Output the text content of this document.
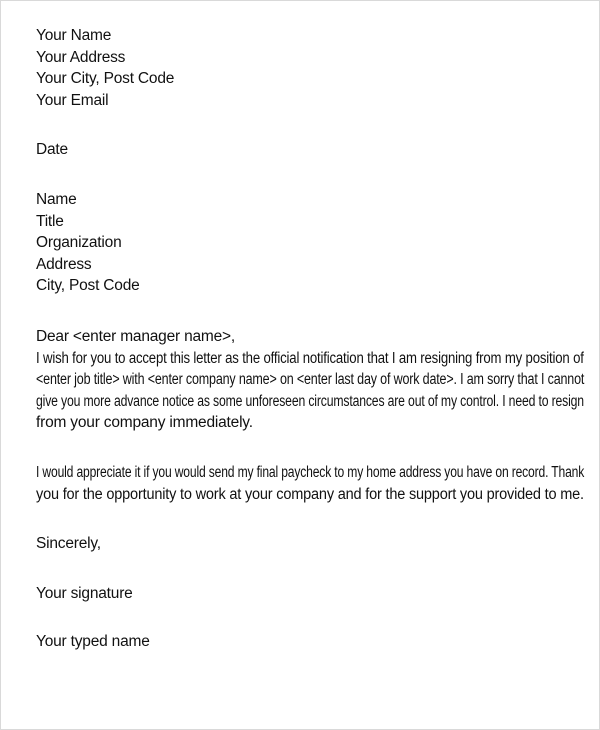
Your Name
Your Address
Your City, Post Code
Your Email
Date
Name
Title
Organization
Address
City, Post Code
Dear <enter manager name>,
I wish for you to accept this letter as the official notification that I am resigning from my position of
<enter job title> with <enter company name> on <enter last day of work date>. I am sorry that I cannot
give you more advance notice as some unforeseen circumstances are out of my control. I need to resign

from your company immediately.
I would appreciate it if you would send my final paycheck to my home address you have on record. Thank
you for the opportunity to work at your company and for the support you provided to me.

Sincerely,
Your signature
Your typed name
